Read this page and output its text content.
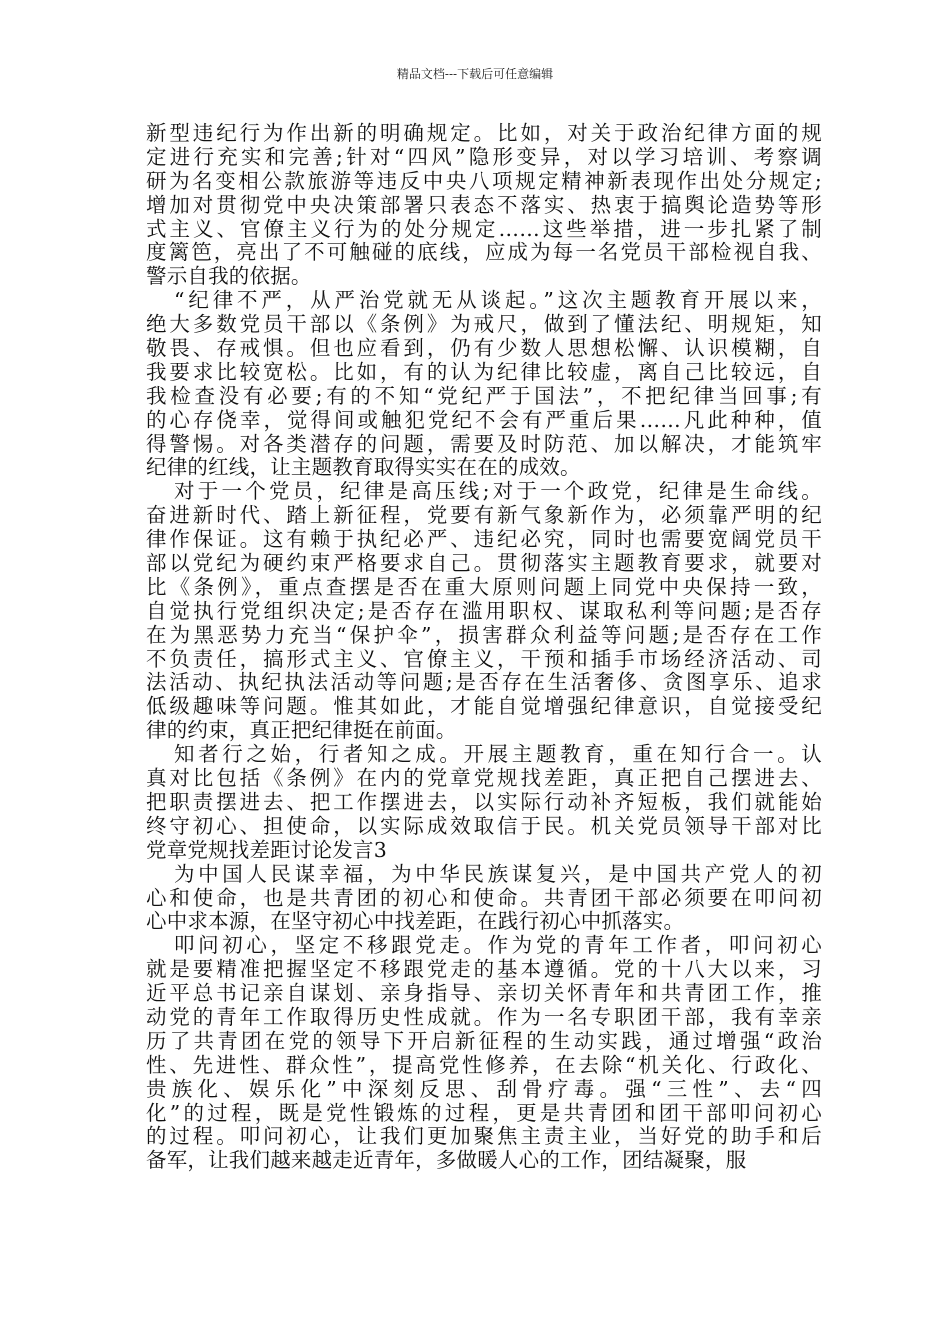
精品文档---下载后可任意编辑
新型违纪行为作出新的明确规定。比如，对关于政治纪律方面的规
定进行充实和完善;针对“四风”隐形变异，对以学习培训、考察调
研为名变相公款旅游等违反中央八项规定精神新表现作出处分规定;
增加对贯彻党中央决策部署只表态不落实、热衷于搞舆论造势等形
式主义、官僚主义行为的处分规定……这些举措，进一步扎紧了制
度篱笆，亮出了不可触碰的底线，应成为每一名党员干部检视自我、
警示自我的依据。
“纪律不严，从严治党就无从谈起。”这次主题教育开展以来，
绝大多数党员干部以《条例》为戒尺，做到了懂法纪、明规矩，知
敬畏、存戒惧。但也应看到，仍有少数人思想松懈、认识模糊，自
我要求比较宽松。比如，有的认为纪律比较虚，离自己比较远，自
我检查没有必要;有的不知“党纪严于国法”，不把纪律当回事;有
的心存侥幸，觉得间或触犯党纪不会有严重后果……凡此种种，值
得警惕。对各类潜存的问题，需要及时防范、加以解决，才能筑牢
纪律的红线，让主题教育取得实实在在的成效。
对于一个党员，纪律是高压线;对于一个政党，纪律是生命线。
奋进新时代、踏上新征程，党要有新气象新作为，必须靠严明的纪
律作保证。这有赖于执纪必严、违纪必究，同时也需要宽阔党员干
部以党纪为硬约束严格要求自己。贯彻落实主题教育要求，就要对
比《条例》，重点查摆是否在重大原则问题上同党中央保持一致，
自觉执行党组织决定;是否存在滥用职权、谋取私利等问题;是否存
在为黑恶势力充当“保护伞”，损害群众利益等问题;是否存在工作
不负责任，搞形式主义、官僚主义，干预和插手市场经济活动、司
法活动、执纪执法活动等问题;是否存在生活奢侈、贪图享乐、追求
低级趣味等问题。惟其如此，才能自觉增强纪律意识，自觉接受纪
律的约束，真正把纪律挺在前面。
知者行之始，行者知之成。开展主题教育，重在知行合一。认
真对比包括《条例》在内的党章党规找差距，真正把自己摆进去、
把职责摆进去、把工作摆进去，以实际行动补齐短板，我们就能始
终守初心、担使命，以实际成效取信于民。机关党员领导干部对比
党章党规找差距讨论发言3
为中国人民谋幸福，为中华民族谋复兴，是中国共产党人的初
心和使命，也是共青团的初心和使命。共青团干部必须要在叩问初
心中求本源，在坚守初心中找差距，在践行初心中抓落实。
叩问初心，坚定不移跟党走。作为党的青年工作者，叩问初心
就是要精准把握坚定不移跟党走的基本遵循。党的十八大以来，习
近平总书记亲自谋划、亲身指导、亲切关怀青年和共青团工作，推
动党的青年工作取得历史性成就。作为一名专职团干部，我有幸亲
历了共青团在党的领导下开启新征程的生动实践，通过增强“政治
性、先进性、群众性”，提高党性修养，在去除“机关化、行政化、
贵族化、娱乐化”中深刻反思、刮骨疗毒。强“三性”、去“四
化”的过程，既是党性锻炼的过程，更是共青团和团干部叩问初心
的过程。叩问初心，让我们更加聚焦主责主业，当好党的助手和后
备军，让我们越来越走近青年，多做暖人心的工作，团结凝聚，服
